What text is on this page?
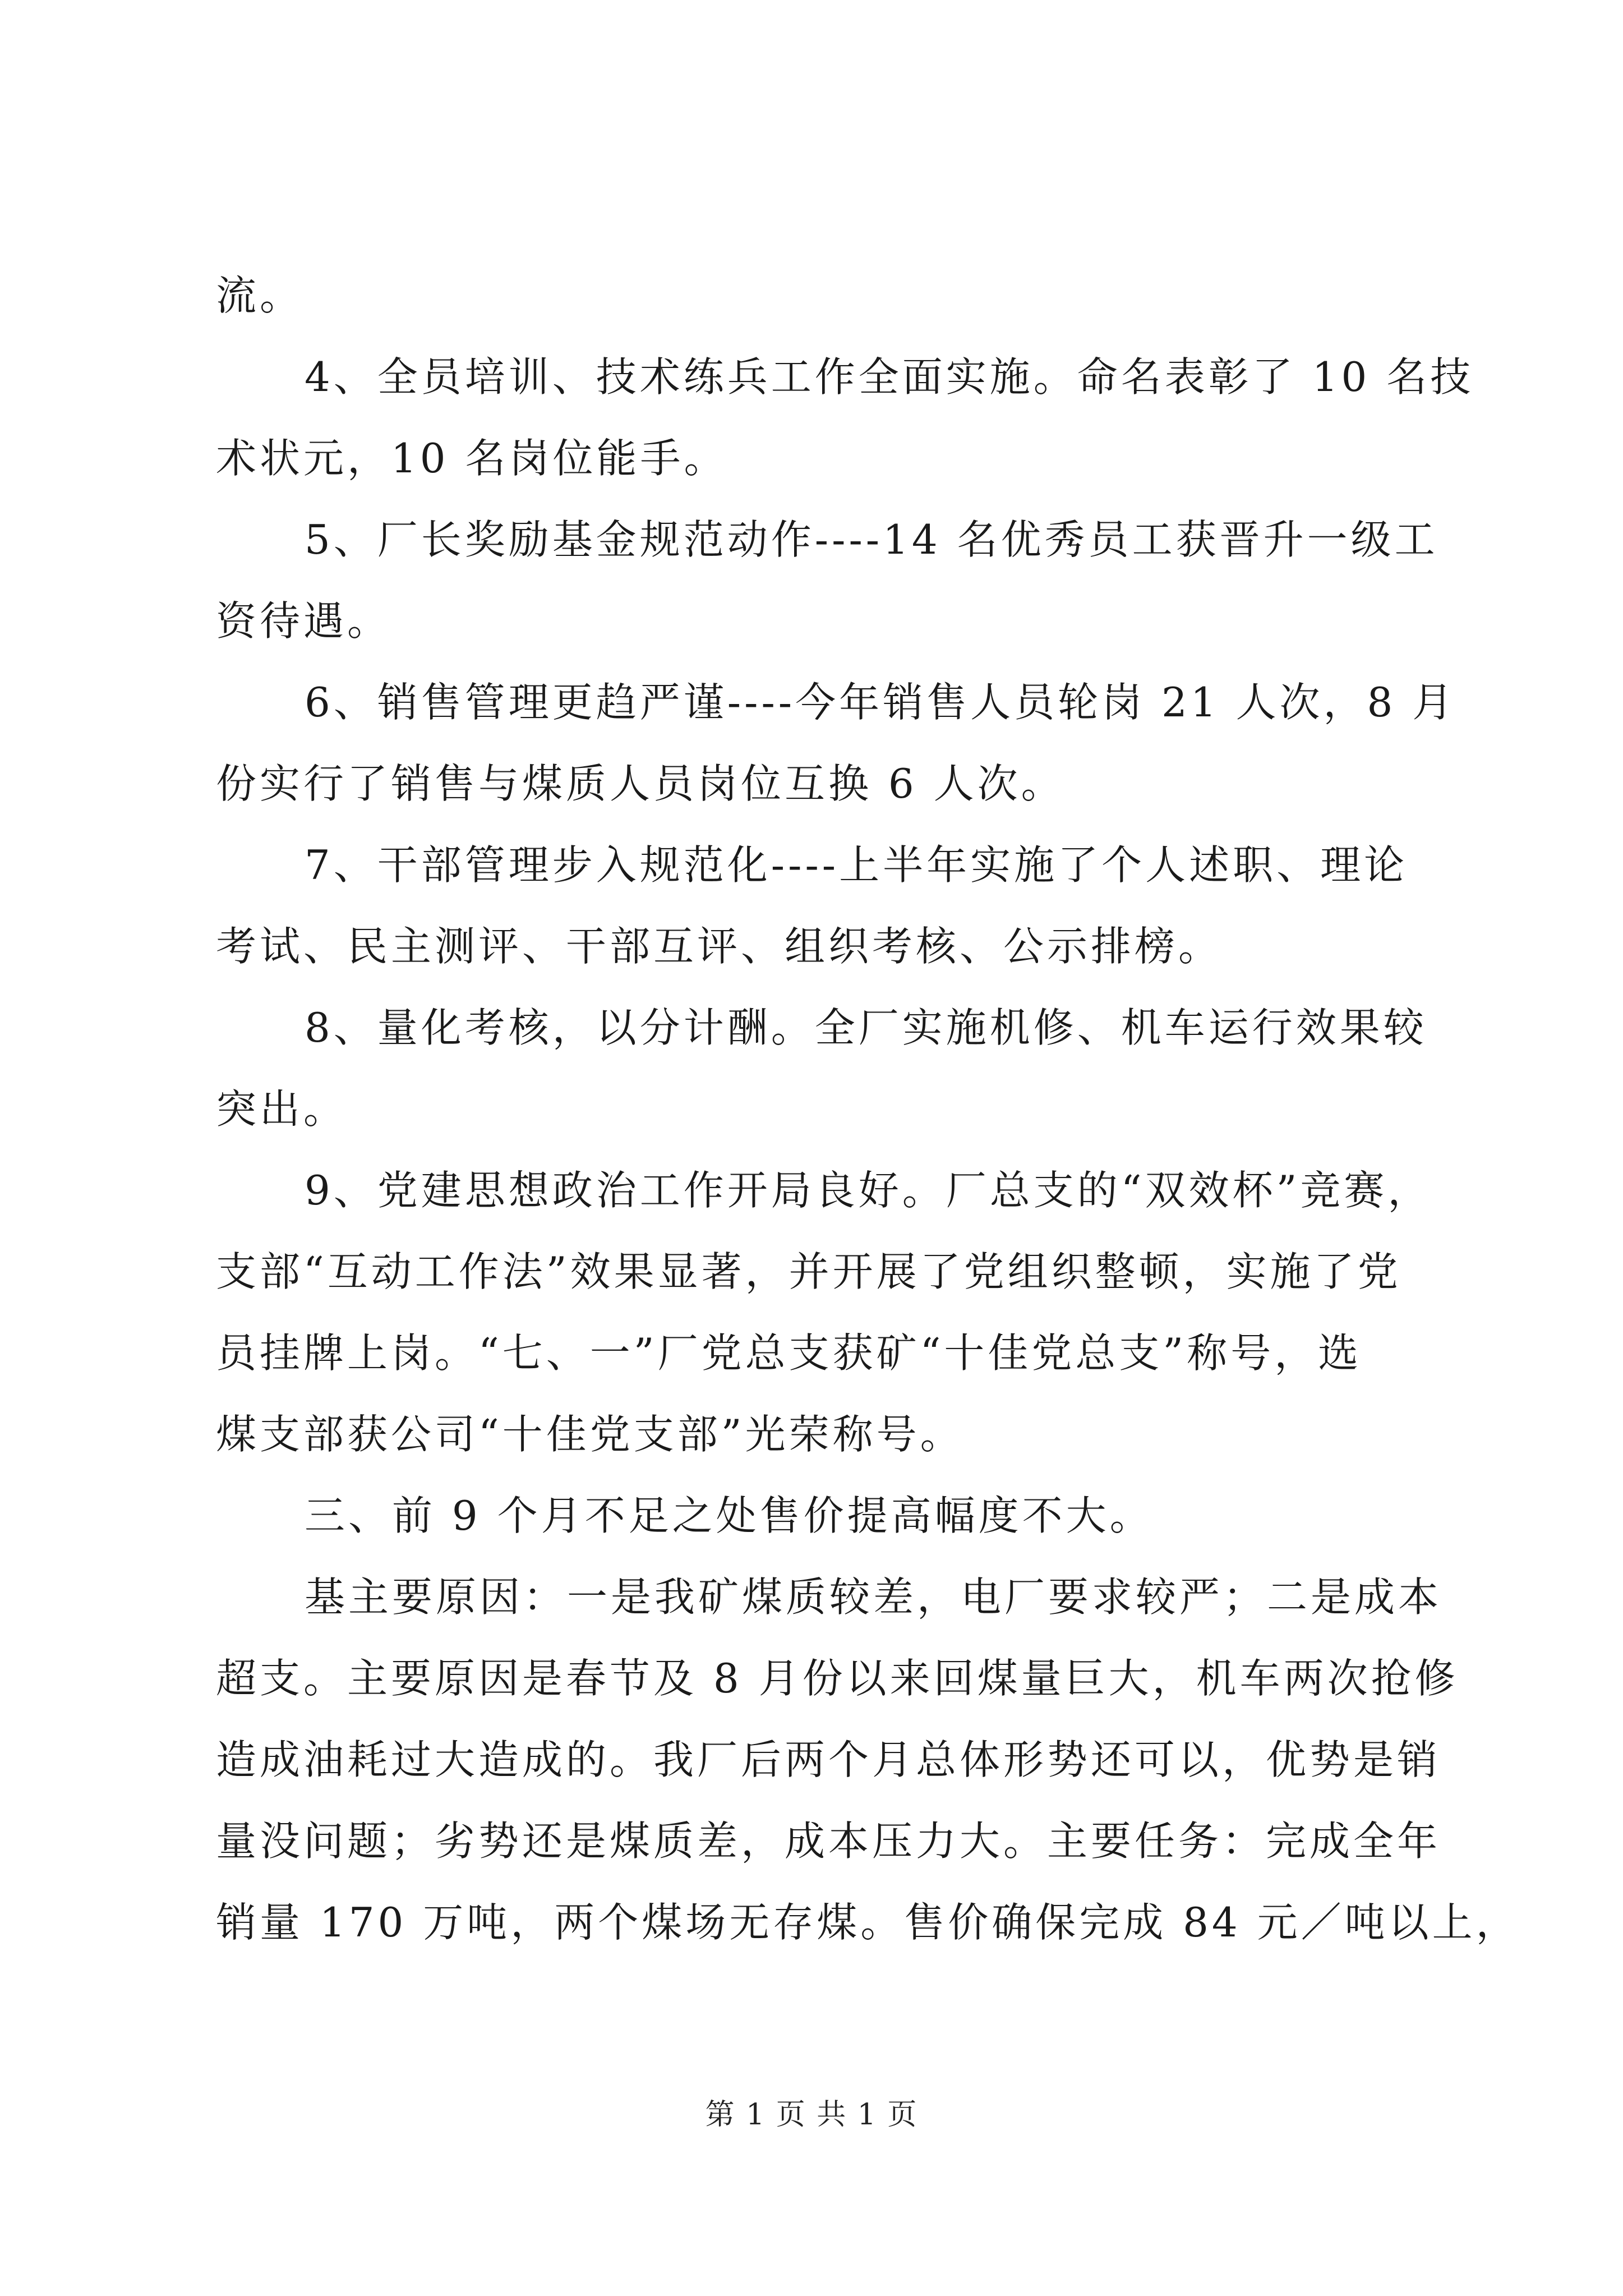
流。
4、全员培训、技术练兵工作全面实施。命名表彰了 10 名技
术状元，10 名岗位能手。
5、厂长奖励基金规范动作----14 名优秀员工获晋升一级工
资待遇。
6、销售管理更趋严谨----今年销售人员轮岗 21 人次，8 月
份实行了销售与煤质人员岗位互换 6 人次。
7、干部管理步入规范化----上半年实施了个人述职、理论
考试、民主测评、干部互评、组织考核、公示排榜。
8、量化考核，以分计酬。全厂实施机修、机车运行效果较
突出。
9、党建思想政治工作开局良好。厂总支的“双效杯”竞赛，
支部“互动工作法”效果显著，并开展了党组织整顿，实施了党
员挂牌上岗。“七、一”厂党总支获矿“十佳党总支”称号，选
煤支部获公司“十佳党支部”光荣称号。
三、前 9 个月不足之处售价提高幅度不大。
基主要原因：一是我矿煤质较差，电厂要求较严；二是成本
超支。主要原因是春节及 8 月份以来回煤量巨大，机车两次抢修
造成油耗过大造成的。我厂后两个月总体形势还可以，优势是销
量没问题；劣势还是煤质差，成本压力大。主要任务：完成全年
销量 170 万吨，两个煤场无存煤。售价确保完成 84 元／吨以上，
第 1 页 共 1 页
